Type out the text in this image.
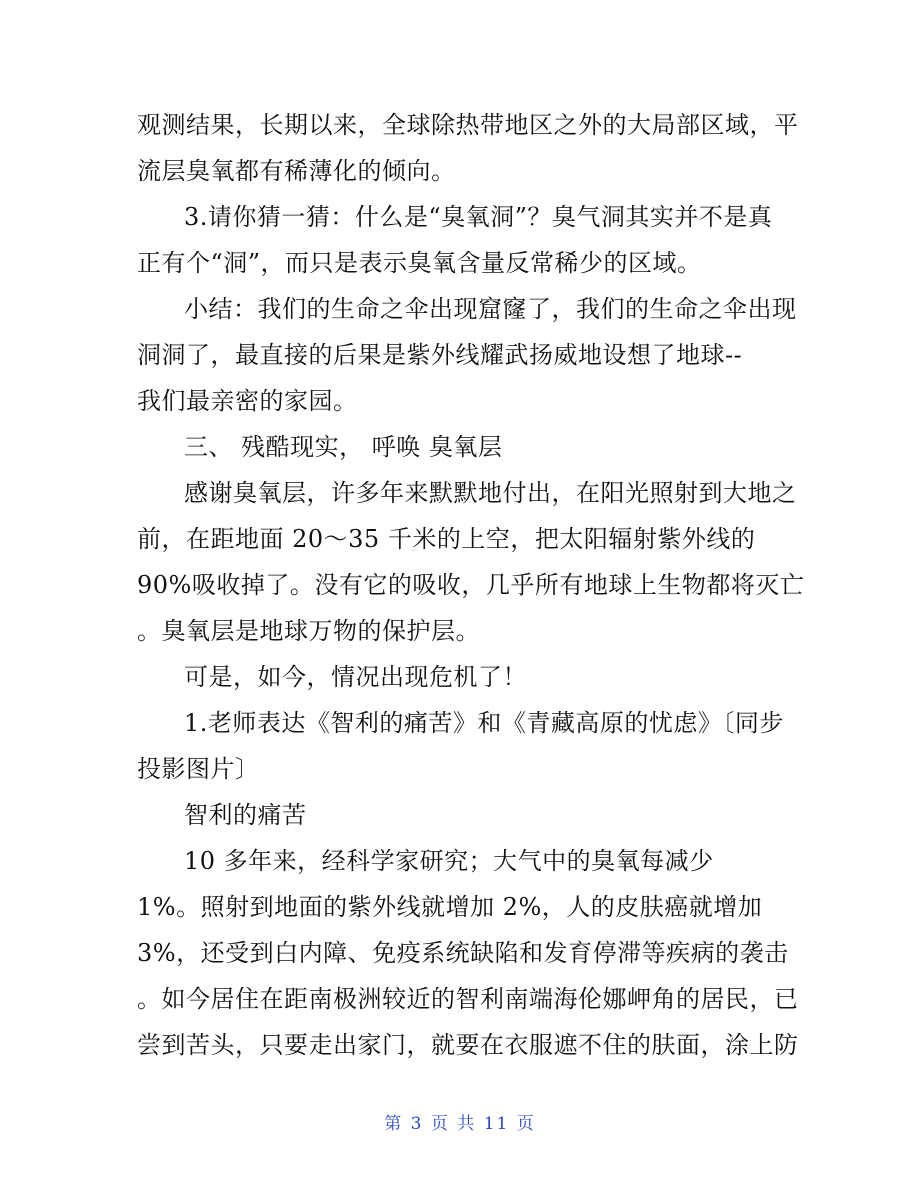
观测结果，长期以来，全球除热带地区之外的大局部区域，平
流层臭氧都有稀薄化的倾向。
3.请你猜一猜：什么是“臭氧洞”？臭气洞其实并不是真
正有个“洞”，而只是表示臭氧含量反常稀少的区域。
小结：我们的生命之伞出现窟窿了，我们的生命之伞出现
洞洞了，最直接的后果是紫外线耀武扬威地设想了地球--
我们最亲密的家园。
三、 残酷现实， 呼唤 臭氧层
感谢臭氧层，许多年来默默地付出，在阳光照射到大地之
前，在距地面 20～35 千米的上空，把太阳辐射紫外线的
90%吸收掉了。没有它的吸收，几乎所有地球上生物都将灭亡
。臭氧层是地球万物的保护层。
可是，如今，情况出现危机了！
1.老师表达《智利的痛苦》和《青藏高原的忧虑》〔同步
投影图片〕
智利的痛苦
10 多年来，经科学家研究；大气中的臭氧每减少
1%。照射到地面的紫外线就增加 2%，人的皮肤癌就增加
3%，还受到白内障、免疫系统缺陷和发育停滞等疾病的袭击
。如今居住在距南极洲较近的智利南端海伦娜岬角的居民，已
尝到苦头，只要走出家门，就要在衣服遮不住的肤面，涂上防
第 3 页 共 11 页
